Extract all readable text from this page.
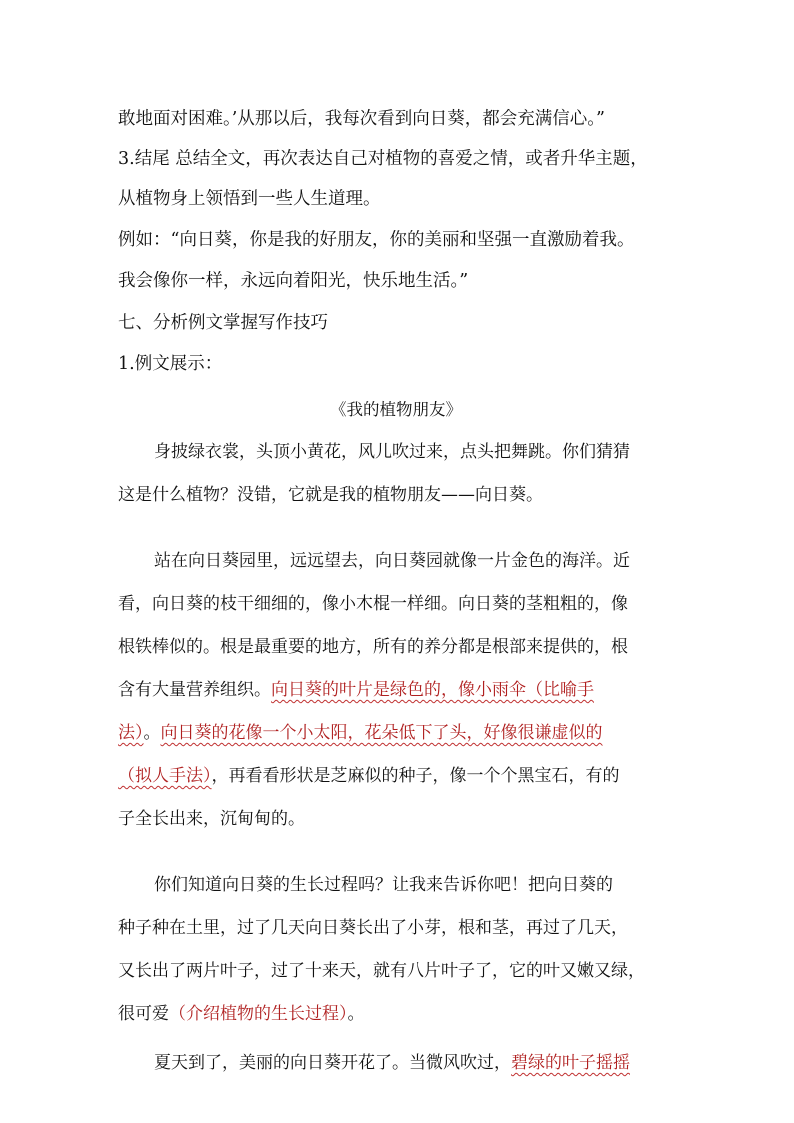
敢地面对困难。’从那以后，我每次看到向日葵，都会充满信心。”
3.结尾 总结全文，再次表达自己对植物的喜爱之情，或者升华主题，
从植物身上领悟到一些人生道理。
例如：“向日葵，你是我的好朋友，你的美丽和坚强一直激励着我。
我会像你一样，永远向着阳光，快乐地生活。”
七、分析例文掌握写作技巧
1.例文展示：
《我的植物朋友》
身披绿衣裳，头顶小黄花，风儿吹过来，点头把舞跳。你们猜猜
这是什么植物？没错，它就是我的植物朋友——向日葵。
站在向日葵园里，远远望去，向日葵园就像一片金色的海洋。近
看，向日葵的枝干细细的，像小木棍一样细。向日葵的茎粗粗的，像
根铁棒似的。根是最重要的地方，所有的养分都是根部来提供的，根
含有大量营养组织。向日葵的叶片是绿色的，像小雨伞（比喻手
法）。向日葵的花像一个小太阳，花朵低下了头，好像很谦虚似的
（拟人手法），再看看形状是芝麻似的种子，像一个个黑宝石，有的
子全长出来，沉甸甸的。
你们知道向日葵的生长过程吗？让我来告诉你吧！把向日葵的
种子种在土里，过了几天向日葵长出了小芽，根和茎，再过了几天，
又长出了两片叶子，过了十来天，就有八片叶子了，它的叶又嫩又绿，
很可爱（介绍植物的生长过程）。
夏天到了，美丽的向日葵开花了。当微风吹过，碧绿的叶子摇摇
